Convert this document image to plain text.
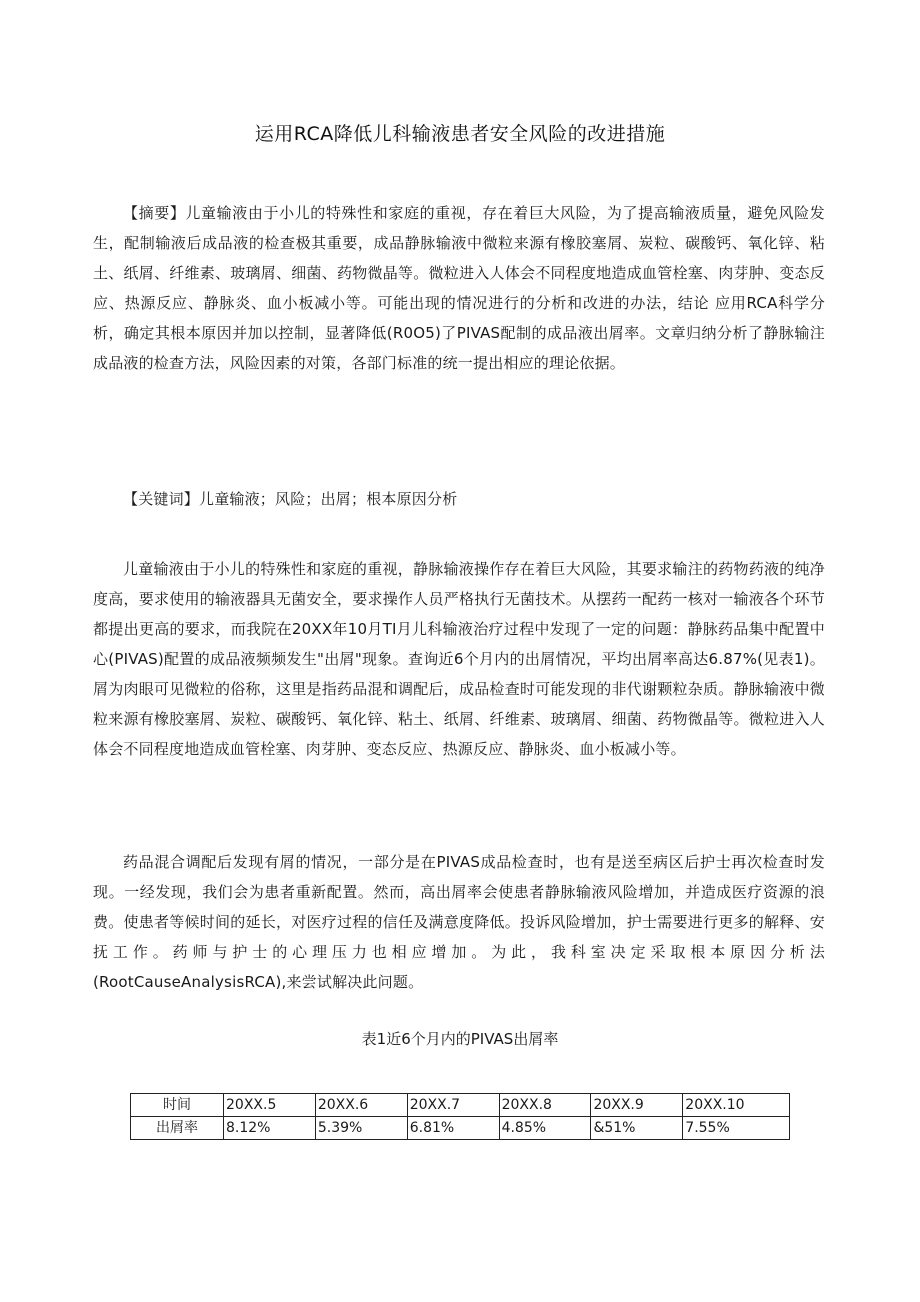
运用RCA降低儿科输液患者安全风险的改进措施

【摘要】儿童输液由于小儿的特殊性和家庭的重视，存在着巨大风险，为了提高输液质量，避免风险发生，配制输液后成品液的检查极其重要，成品静脉输液中微粒来源有橡胶塞屑、炭粒、碳酸钙、氧化锌、粘土、纸屑、纤维素、玻璃屑、细菌、药物微晶等。微粒进入人体会不同程度地造成血管栓塞、肉芽肿、变态反应、热源反应、静脉炎、血小板减小等。可能出现的情况进行的分析和改进的办法，结论 应用RCA科学分析，确定其根本原因并加以控制，显著降低(R0O5)了PIVAS配制的成品液出屑率。文章归纳分析了静脉输注成品液的检查方法，风险因素的对策，各部门标准的统一提出相应的理论依据。

【关键词】儿童输液；风险；出屑；根本原因分析

儿童输液由于小儿的特殊性和家庭的重视，静脉输液操作存在着巨大风险，其要求输注的药物药液的纯净度高，要求使用的输液器具无菌安全，要求操作人员严格执行无菌技术。从摆药一配药一核对一输液各个环节都提出更高的要求，而我院在20XX年10月TI月儿科输液治疗过程中发现了一定的问题：静脉药品集中配置中心(PIVAS)配置的成品液频频发生"出屑"现象。查询近6个月内的出屑情况，平均出屑率高达6.87%(见表1)。屑为肉眼可见微粒的俗称，这里是指药品混和调配后，成品检查时可能发现的非代谢颗粒杂质。静脉输液中微粒来源有橡胶塞屑、炭粒、碳酸钙、氧化锌、粘土、纸屑、纤维素、玻璃屑、细菌、药物微晶等。微粒进入人体会不同程度地造成血管栓塞、肉芽肿、变态反应、热源反应、静脉炎、血小板减小等。

药品混合调配后发现有屑的情况，一部分是在PIVAS成品检查时，也有是送至病区后护士再次检查时发现。一经发现，我们会为患者重新配置。然而，高出屑率会使患者静脉输液风险增加，并造成医疗资源的浪费。使患者等候时间的延长，对医疗过程的信任及满意度降低。投诉风险增加，护士需要进行更多的解释、安抚工作。药师与护士的心理压力也相应增加。为此，我科室决定采取根本原因分析法(RootCauseAnalysisRCA),来尝试解决此问题。

表1近6个月内的PIVAS出屑率
时间	20XX.5	20XX.6	20XX.7	20XX.8	20XX.9	20XX.10
出屑率	8.12%	5.39%	6.81%	4.85%	&51%	7.55%
